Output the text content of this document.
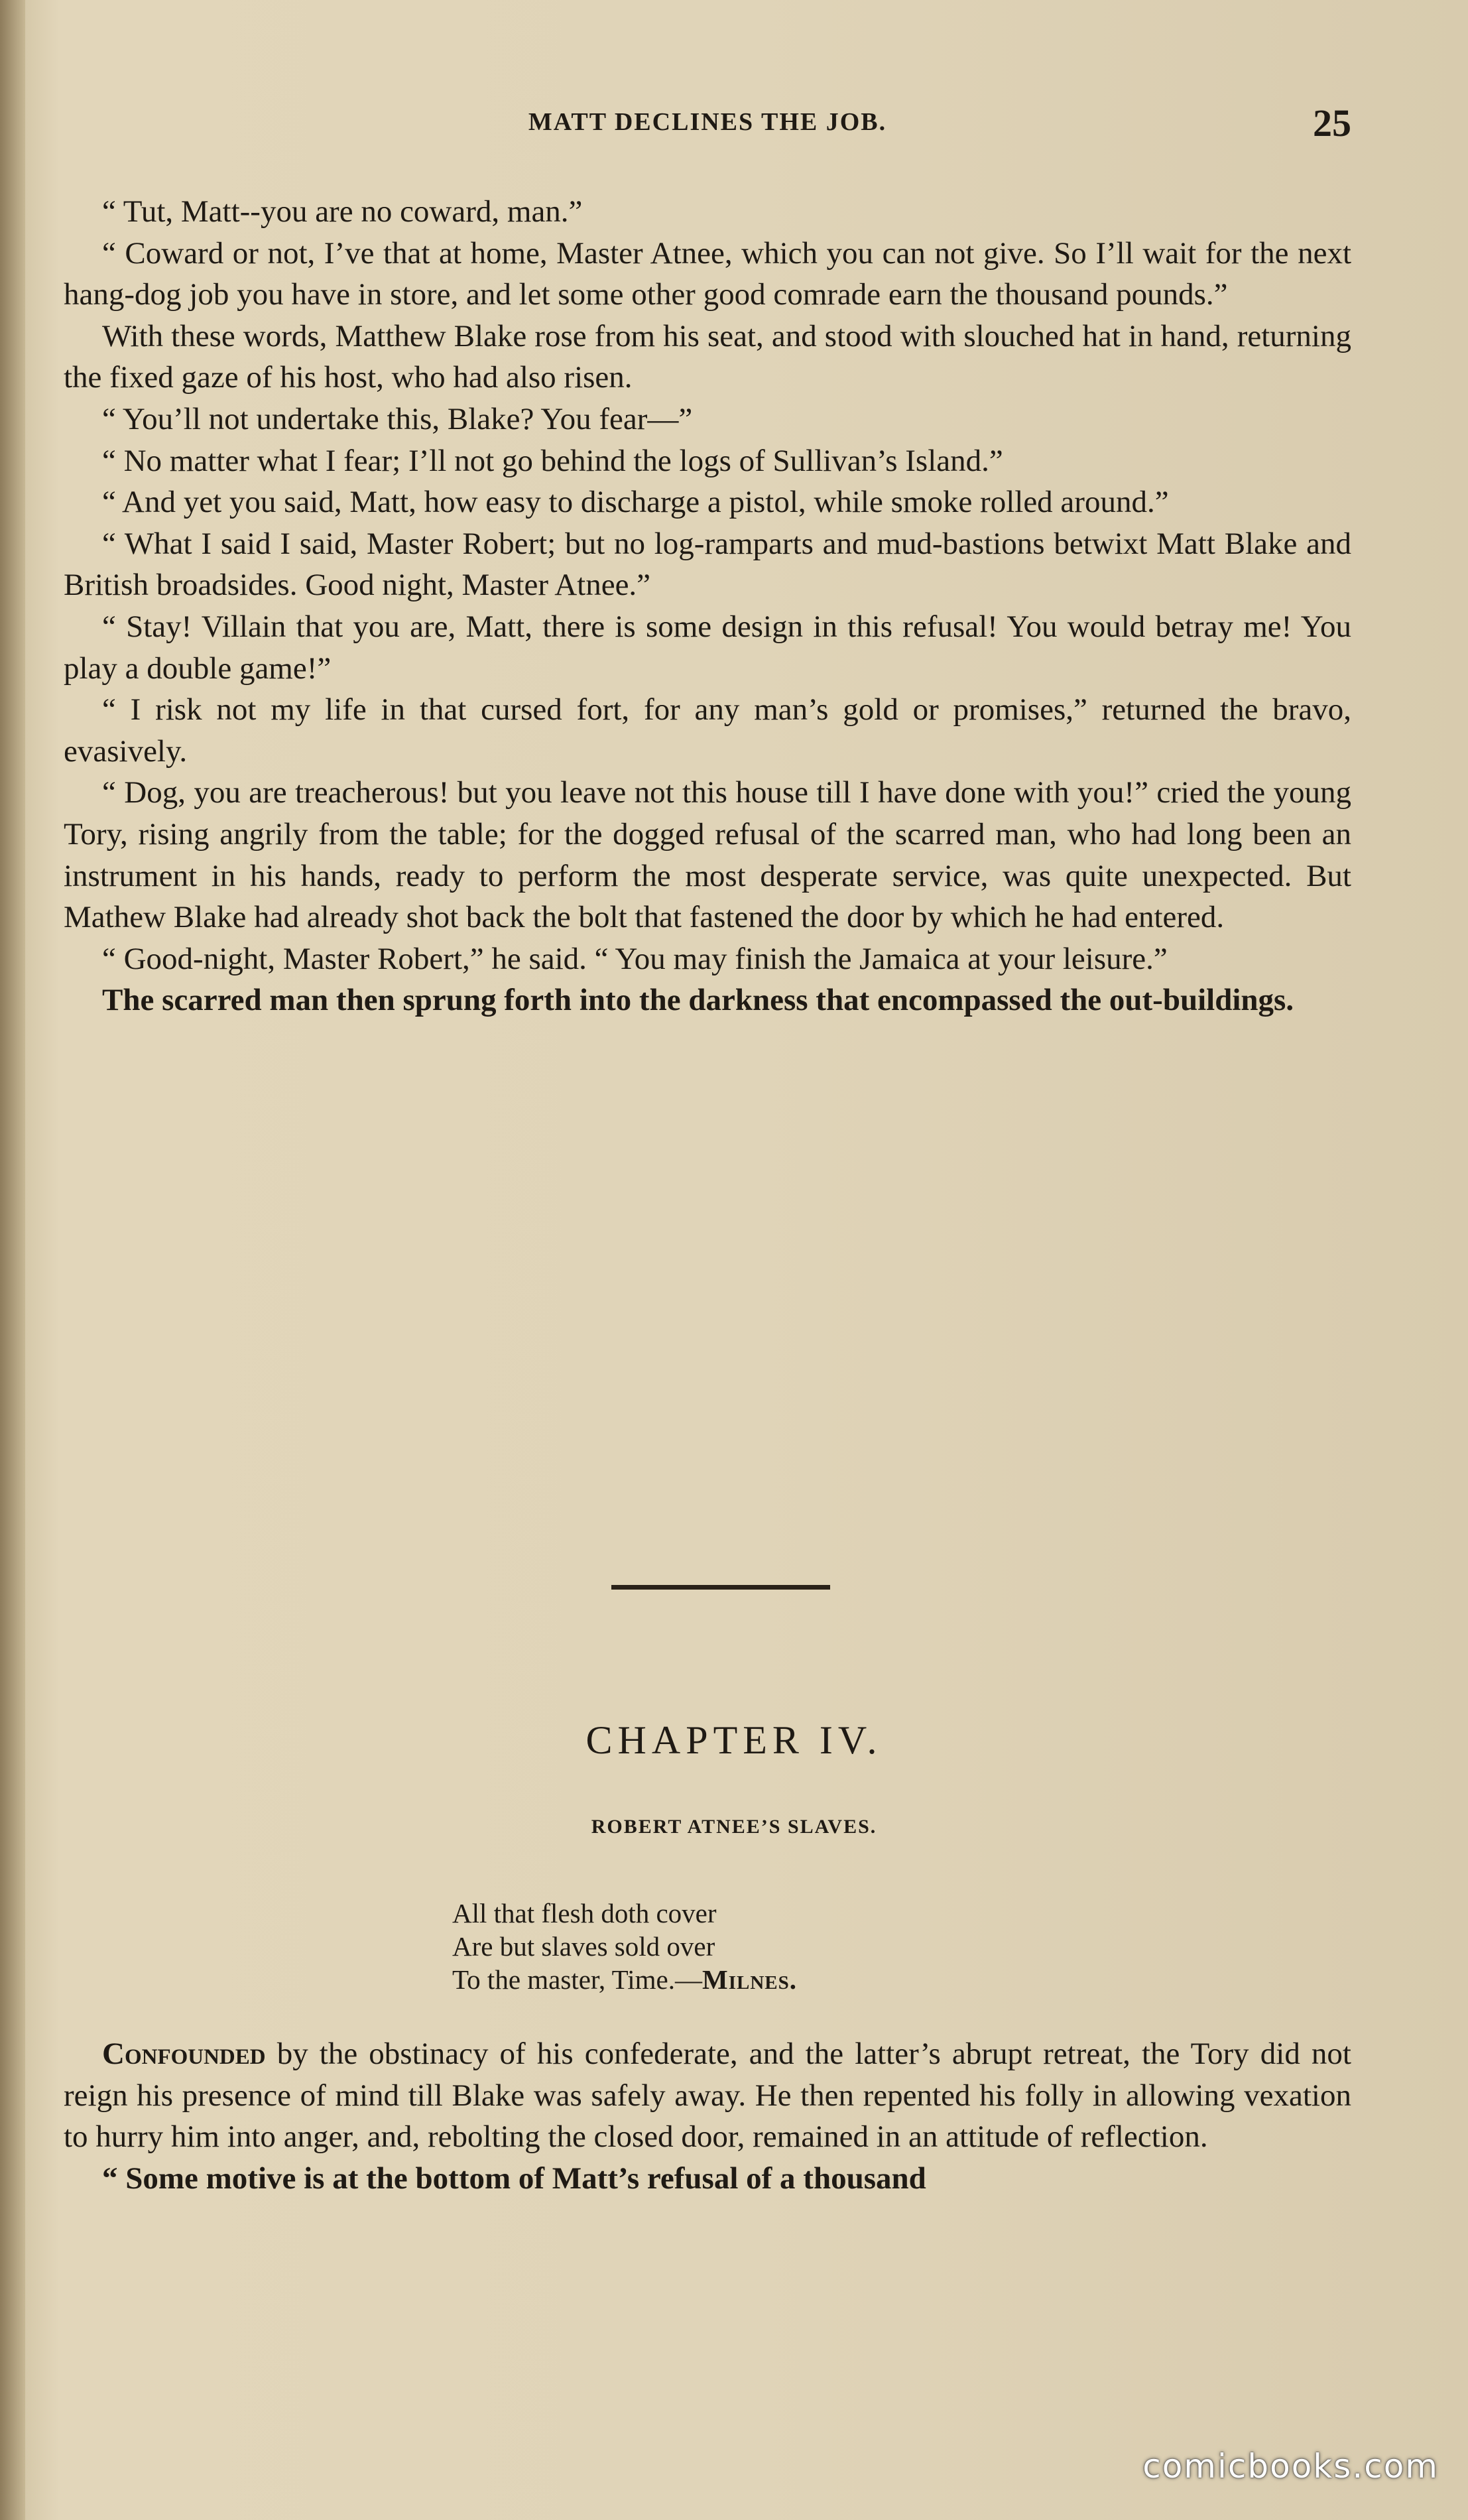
MATT DECLINES THE JOB.	25

“ Tut, Matt--you are no coward, man.”

“ Coward or not, I’ve that at home, Master Atnee, which you can not give. So I’ll wait for the next hang-dog job you have in store, and let some other good comrade earn the thousand pounds.”

With these words, Matthew Blake rose from his seat, and stood with slouched hat in hand, returning the fixed gaze of his host, who had also risen.

“ You’ll not undertake this, Blake? You fear—”

“ No matter what I fear; I’ll not go behind the logs of Sullivan’s Island.”

“ And yet you said, Matt, how easy to discharge a pistol, while smoke rolled around.”

“ What I said I said, Master Robert; but no log-ramparts and mud-bastions betwixt Matt Blake and British broadsides. Good night, Master Atnee.”

“ Stay! Villain that you are, Matt, there is some design in this refusal! You would betray me! You play a double game!”

“ I risk not my life in that cursed fort, for any man’s gold or promises,” returned the bravo, evasively.

“ Dog, you are treacherous! but you leave not this house till I have done with you!” cried the young Tory, rising angrily from the table; for the dogged refusal of the scarred man, who had long been an instrument in his hands, ready to perform the most desperate service, was quite unexpected. But Mathew Blake had already shot back the bolt that fastened the door by which he had entered.

“ Good-night, Master Robert,” he said. “ You may finish the Jamaica at your leisure.”

The scarred man then sprung forth into the darkness that encompassed the out-buildings.

CHAPTER IV.
ROBERT ATNEE’S SLAVES.
All that flesh doth cover
Are but slaves sold over
To the master, Time.—Milnes.

Confounded by the obstinacy of his confederate, and the latter’s abrupt retreat, the Tory did not reign his presence of mind till Blake was safely away. He then repented his folly in allowing vexation to hurry him into anger, and, rebolting the closed door, remained in an attitude of reflection.

“ Some motive is at the bottom of Matt’s refusal of a thousand

comicbooks.com
